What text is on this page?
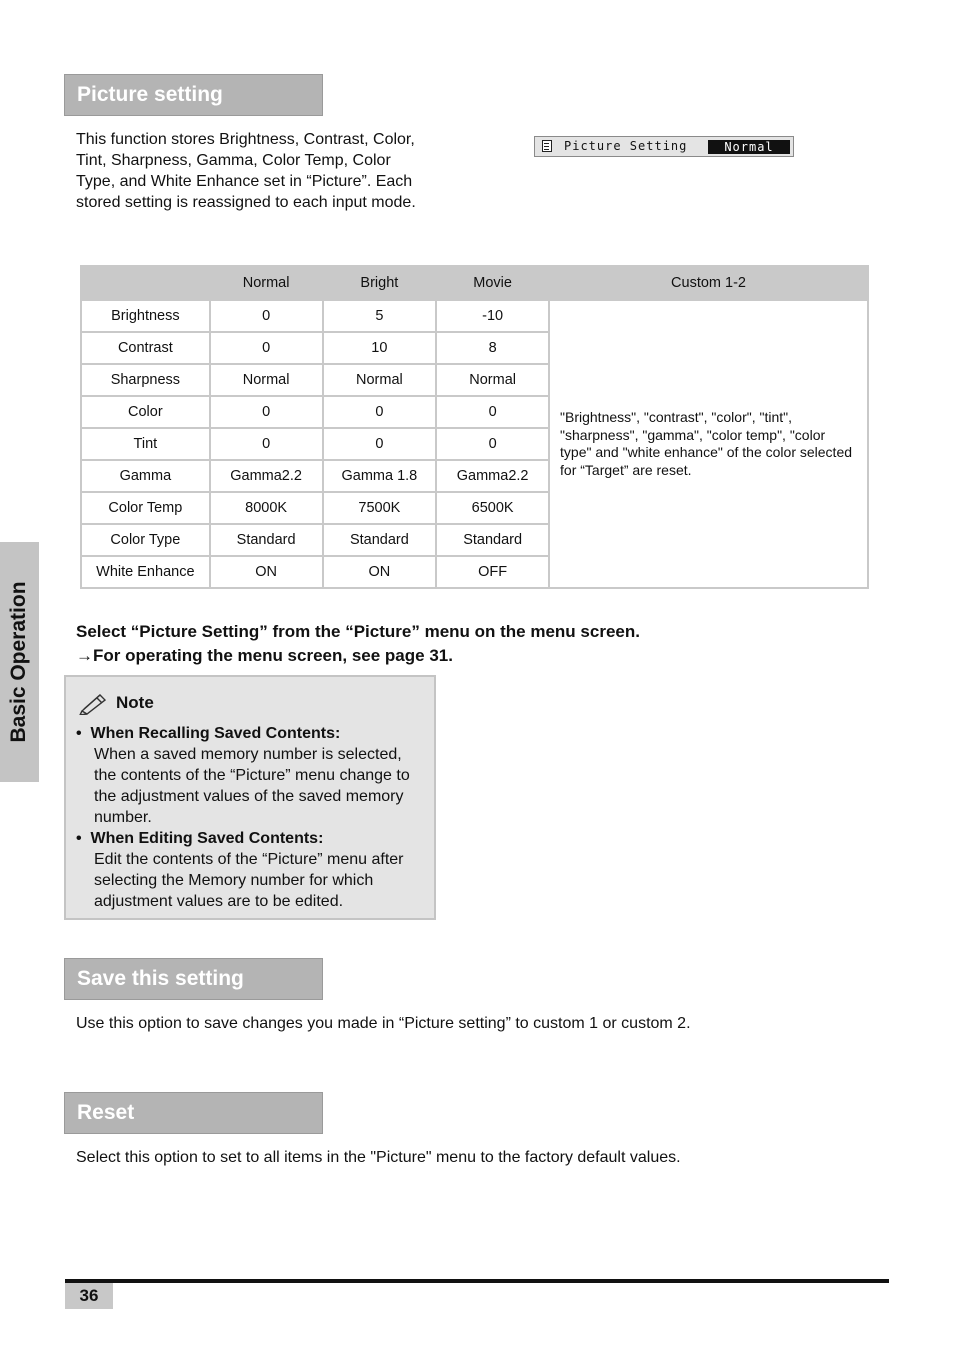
Basic Operation
Picture setting
This function stores Brightness, Contrast, Color, Tint, Sharpness, Gamma, Color Temp, Color Type, and White Enhance set in “Picture”. Each stored setting is reassigned to each input mode.
Picture Setting	Normal
	Normal	Bright	Movie	Custom 1-2
Brightness	0	5	-10	"Brightness", "contrast", "color", "tint", "sharpness", "gamma", "color temp", "color type" and "white enhance" of the color selected for “Target” are reset.
Contrast	0	10	8	
Sharpness	Normal	Normal	Normal	
Color	0	0	0	
Tint	0	0	0	
Gamma	Gamma2.2	Gamma 1.8	Gamma2.2	
Color Temp	8000K	7500K	6500K	
Color Type	Standard	Standard	Standard	
White Enhance	ON	ON	OFF	
Select “Picture Setting” from the “Picture” menu on the menu screen.
→For operating the menu screen, see page 31.
Note
•  When Recalling Saved Contents:
When a saved memory number is selected, the contents of the “Picture” menu change to the adjustment values of the saved memory number.
•  When Editing Saved Contents:
Edit the contents of the “Picture” menu after selecting the Memory number for which adjustment values are to be edited.
Save this setting
Use this option to save changes you made in “Picture setting” to custom 1 or custom 2.
Reset
Select this option to set to all items in the "Picture" menu to the factory default values.
36
